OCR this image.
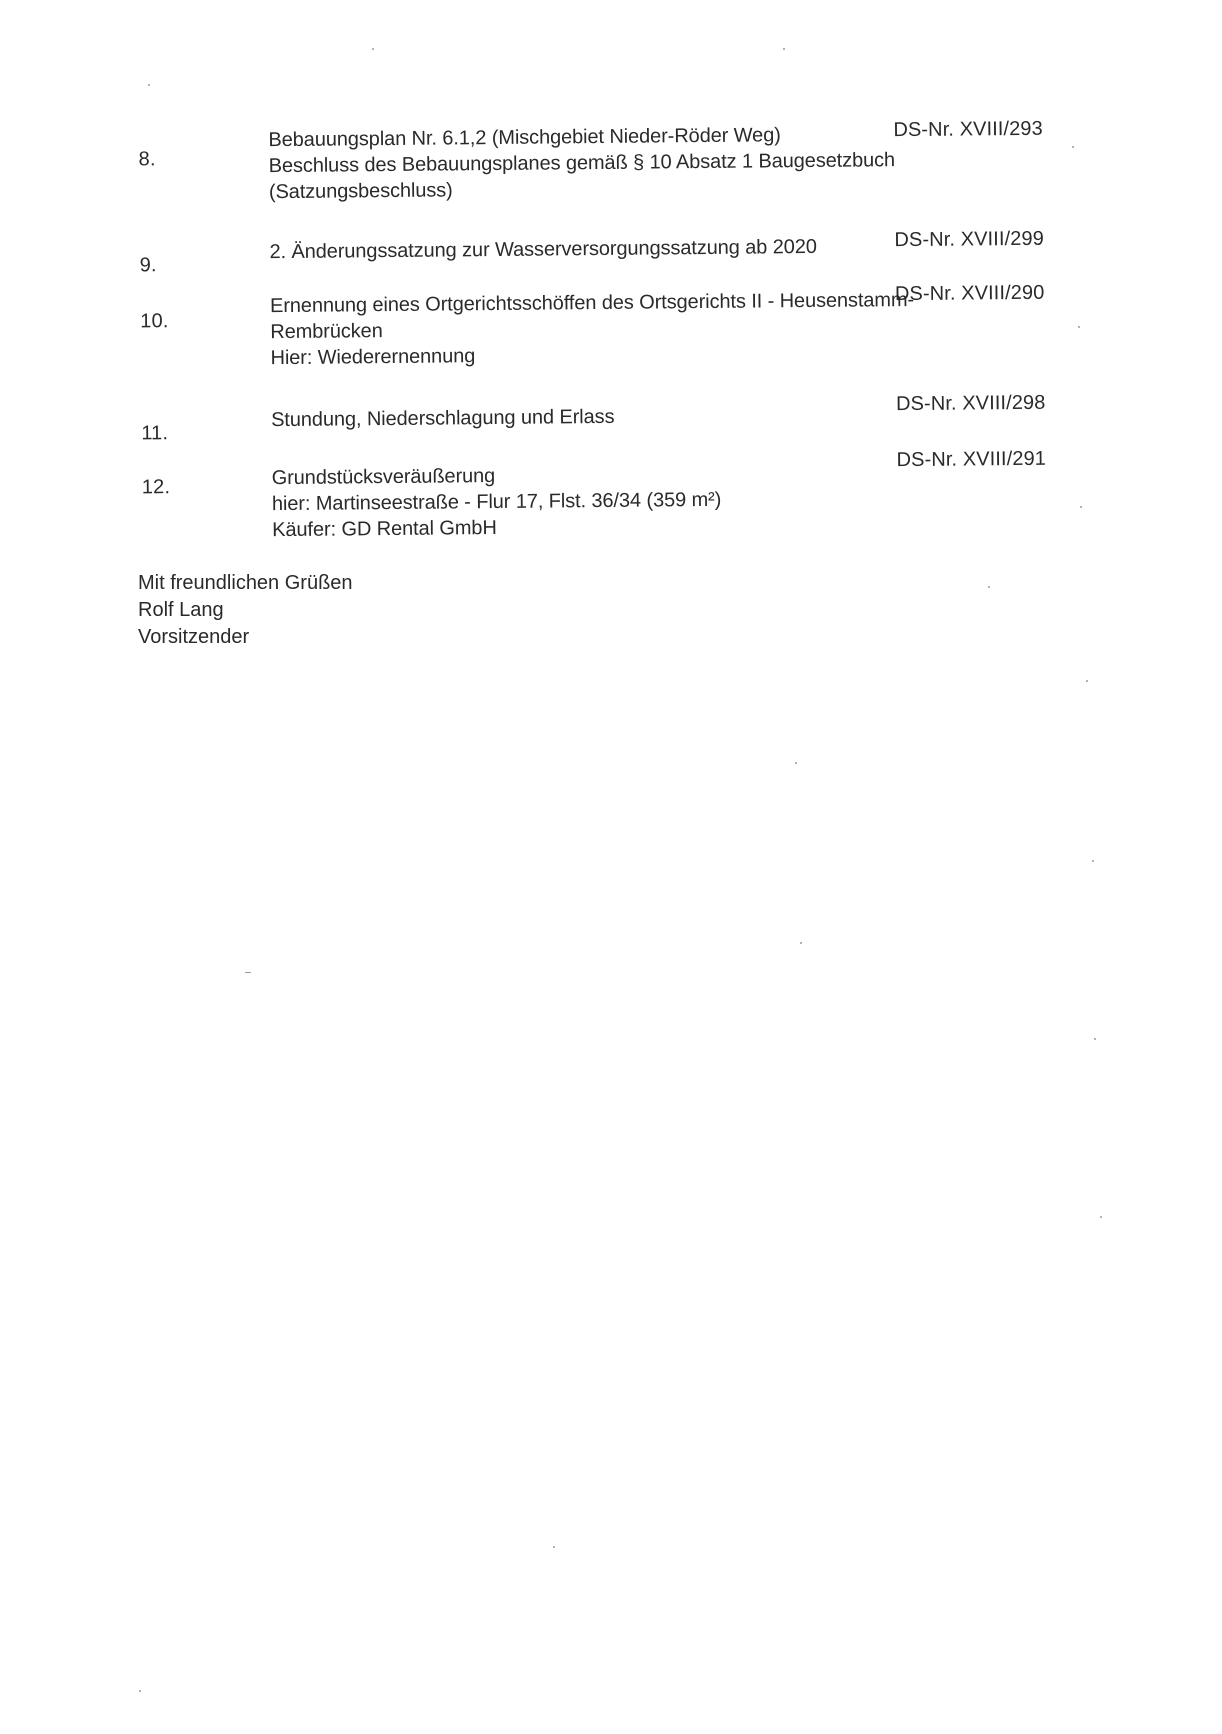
8.
Bebauungsplan Nr. 6.1,2 (Mischgebiet Nieder-Röder Weg)
Beschluss des Bebauungsplanes gemäß § 10 Absatz 1 Baugesetzbuch
(Satzungsbeschluss)
DS-Nr. XVIII/293
9.
2. Änderungssatzung zur Wasserversorgungssatzung ab 2020	DS-Nr. XVIII/299
10.
Ernennung eines Ortgerichtsschöffen des Ortsgerichts II - Heusenstamm-
Rembrücken
Hier: Wiederernennung
DS-Nr. XVIII/290
11.
Stundung, Niederschlagung und Erlass
DS-Nr. XVIII/298
12.	Grundstücksveräußerung
hier: Martinseestraße - Flur 17, Flst. 36/34 (359 m²)
Käufer: GD Rental GmbH
DS-Nr. XVIII/291
Mit freundlichen Grüßen
Rolf Lang
Vorsitzender
